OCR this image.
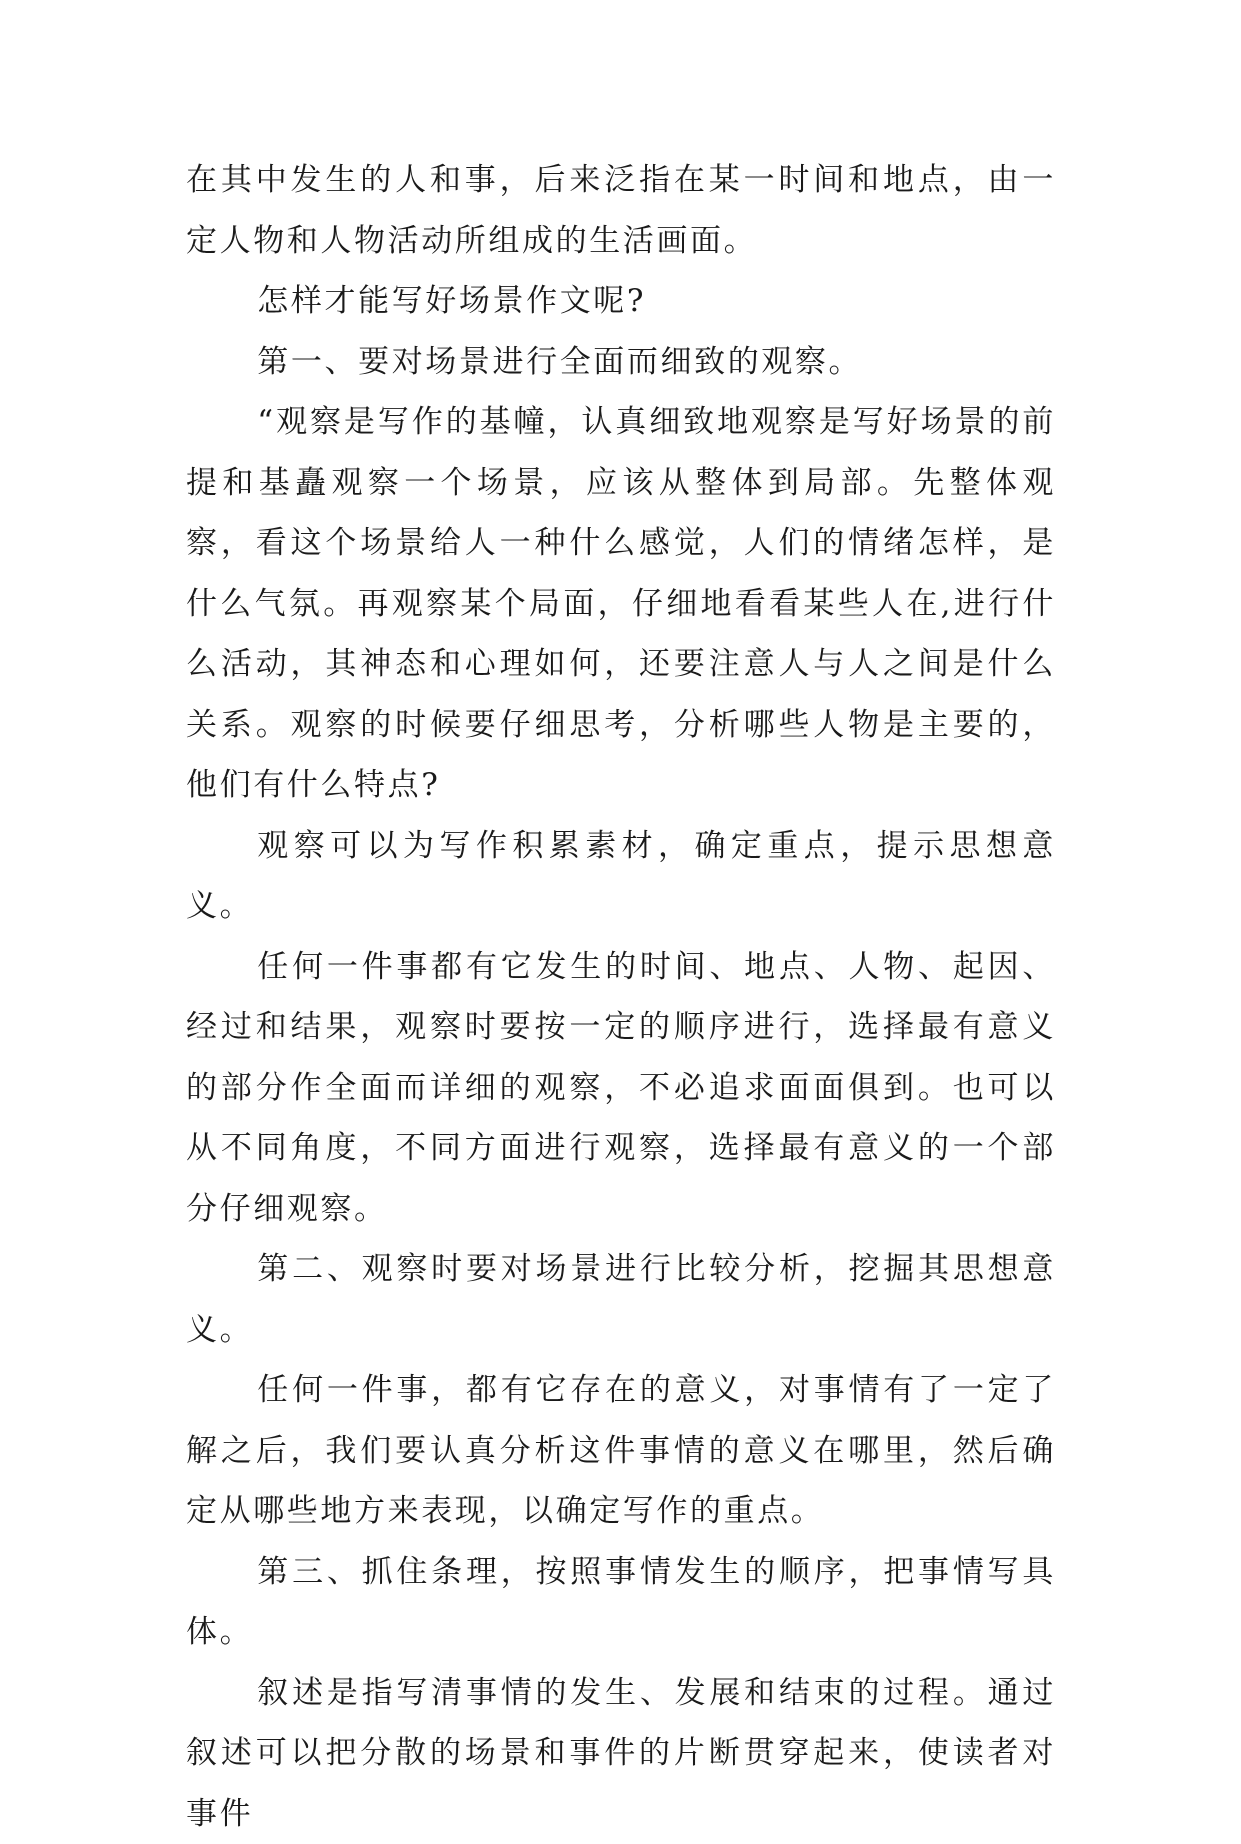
在其中发生的人和事，后来泛指在某一时间和地点，由一定人物和人物活动所组成的生活画面。

怎样才能写好场景作文呢?

第一、要对场景进行全面而细致的观察。

“观察是写作的基幢，认真细致地观察是写好场景的前提和基矗观察一个场景，应该从整体到局部。先整体观察，看这个场景给人一种什么感觉，人们的情绪怎样，是什么气氛。再观察某个局面，仔细地看看某些人在,进行什么活动，其神态和心理如何，还要注意人与人之间是什么关系。观察的时候要仔细思考，分析哪些人物是主要的，他们有什么特点?

观察可以为写作积累素材，确定重点，提示思想意义。

任何一件事都有它发生的时间、地点、人物、起因、经过和结果，观察时要按一定的顺序进行，选择最有意义的部分作全面而详细的观察，不必追求面面俱到。也可以从不同角度，不同方面进行观察，选择最有意义的一个部分仔细观察。

第二、观察时要对场景进行比较分析，挖掘其思想意义。

任何一件事，都有它存在的意义，对事情有了一定了解之后，我们要认真分析这件事情的意义在哪里，然后确定从哪些地方来表现，以确定写作的重点。

第三、抓住条理，按照事情发生的顺序，把事情写具体。

叙述是指写清事情的发生、发展和结束的过程。通过叙述可以把分散的场景和事件的片断贯穿起来，使读者对事件
